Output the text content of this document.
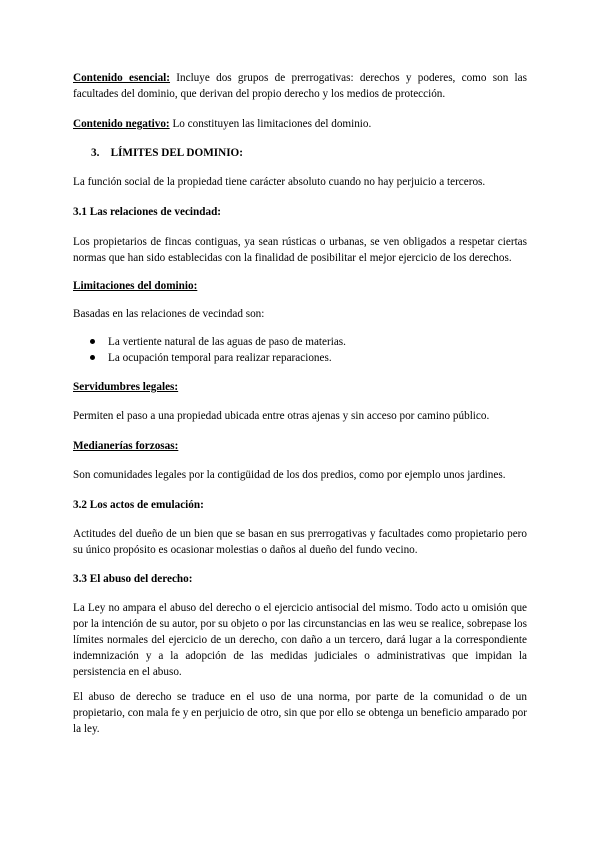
Contenido esencial: Incluye dos grupos de prerrogativas: derechos y poderes, como son las facultades del dominio, que derivan del propio derecho y los medios de protección.

Contenido negativo: Lo constituyen las limitaciones del dominio.

3.    LÍMITES DEL DOMINIO:

La función social de la propiedad tiene carácter absoluto cuando no hay perjuicio a terceros.

3.1 Las relaciones de vecindad:

Los propietarios de fincas contiguas, ya sean rústicas o urbanas, se ven obligados a respetar ciertas normas que han sido establecidas con la finalidad de posibilitar el mejor ejercicio de los derechos.

Limitaciones del dominio:

Basadas en las relaciones de vecindad son:

La vertiente natural de las aguas de paso de materias.
La ocupación temporal para realizar reparaciones.

Servidumbres legales:

Permiten el paso a una propiedad ubicada entre otras ajenas y sin acceso por camino público.

Medianerías forzosas:

Son comunidades legales por la contigüidad de los dos predios, como por ejemplo unos jardines.

3.2 Los actos de emulación:

Actitudes del dueño de un bien que se basan en sus prerrogativas y facultades como propietario pero su único propósito es ocasionar molestias o daños al dueño del fundo vecino.

3.3 El abuso del derecho:

La Ley no ampara el abuso del derecho o el ejercicio antisocial del mismo. Todo acto u omisión que por la intención de su autor, por su objeto o por las circunstancias en las weu se realice, sobrepase los límites normales del ejercicio de un derecho, con daño a un tercero, dará lugar a la correspondiente indemnización y a la adopción de las medidas judiciales o administrativas que impidan la persistencia en el abuso.

El abuso de derecho se traduce en el uso de una norma, por parte de la comunidad o de un propietario, con mala fe y en perjuicio de otro, sin que por ello se obtenga un beneficio amparado por la ley.
